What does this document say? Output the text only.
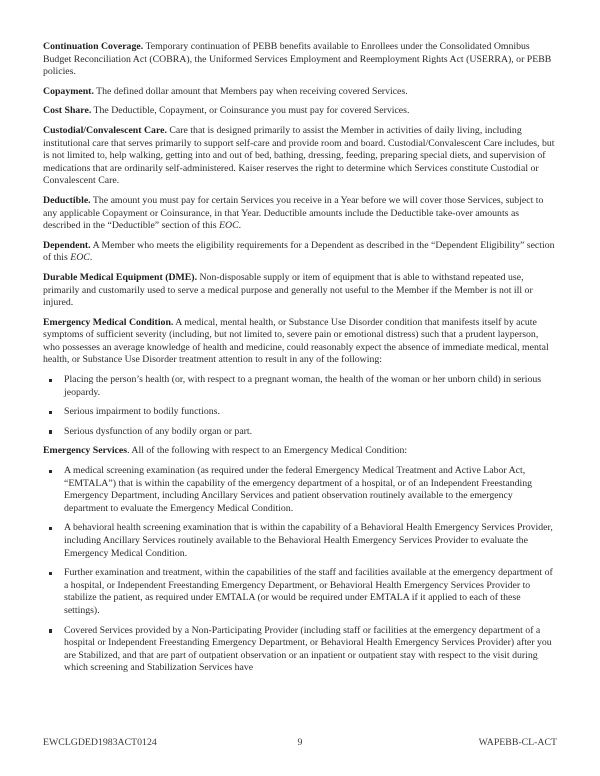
Continuation Coverage. Temporary continuation of PEBB benefits available to Enrollees under the Consolidated Omnibus Budget Reconciliation Act (COBRA), the Uniformed Services Employment and Reemployment Rights Act (USERRA), or PEBB policies.

Copayment. The defined dollar amount that Members pay when receiving covered Services.

Cost Share. The Deductible, Copayment, or Coinsurance you must pay for covered Services.

Custodial/Convalescent Care. Care that is designed primarily to assist the Member in activities of daily living, including institutional care that serves primarily to support self-care and provide room and board. Custodial/Convalescent Care includes, but is not limited to, help walking, getting into and out of bed, bathing, dressing, feeding, preparing special diets, and supervision of medications that are ordinarily self-administered. Kaiser reserves the right to determine which Services constitute Custodial or Convalescent Care.

Deductible. The amount you must pay for certain Services you receive in a Year before we will cover those Services, subject to any applicable Copayment or Coinsurance, in that Year. Deductible amounts include the Deductible take-over amounts as described in the “Deductible” section of this EOC.

Dependent. A Member who meets the eligibility requirements for a Dependent as described in the “Dependent Eligibility” section of this EOC.

Durable Medical Equipment (DME). Non-disposable supply or item of equipment that is able to withstand repeated use, primarily and customarily used to serve a medical purpose and generally not useful to the Member if the Member is not ill or injured.

Emergency Medical Condition. A medical, mental health, or Substance Use Disorder condition that manifests itself by acute symptoms of sufficient severity (including, but not limited to, severe pain or emotional distress) such that a prudent layperson, who possesses an average knowledge of health and medicine, could reasonably expect the absence of immediate medical, mental health, or Substance Use Disorder treatment attention to result in any of the following:

Placing the person’s health (or, with respect to a pregnant woman, the health of the woman or her unborn child) in serious jeopardy.
Serious impairment to bodily functions.
Serious dysfunction of any bodily organ or part.

Emergency Services. All of the following with respect to an Emergency Medical Condition:

A medical screening examination (as required under the federal Emergency Medical Treatment and Active Labor Act, “EMTALA”) that is within the capability of the emergency department of a hospital, or of an Independent Freestanding Emergency Department, including Ancillary Services and patient observation routinely available to the emergency department to evaluate the Emergency Medical Condition.
A behavioral health screening examination that is within the capability of a Behavioral Health Emergency Services Provider, including Ancillary Services routinely available to the Behavioral Health Emergency Services Provider to evaluate the Emergency Medical Condition.
Further examination and treatment, within the capabilities of the staff and facilities available at the emergency department of a hospital, or Independent Freestanding Emergency Department, or Behavioral Health Emergency Services Provider to stabilize the patient, as required under EMTALA (or would be required under EMTALA if it applied to each of these settings).
Covered Services provided by a Non-Participating Provider (including staff or facilities at the emergency department of a hospital or Independent Freestanding Emergency Department, or Behavioral Health Emergency Services Provider) after you are Stabilized, and that are part of outpatient observation or an inpatient or outpatient stay with respect to the visit during which screening and Stabilization Services have
EWCLGDED1983ACT0124	9	WAPEBB-CL-ACT
